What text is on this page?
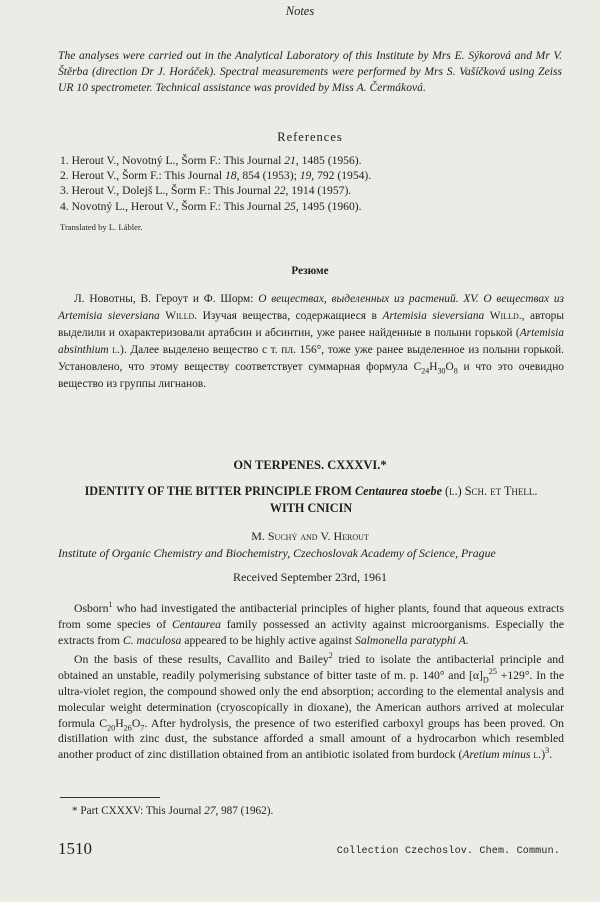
Notes
The analyses were carried out in the Analytical Laboratory of this Institute by Mrs E. Sýkorová and Mr V. Štěrba (direction Dr J. Horáček). Spectral measurements were performed by Mrs S. Vašíčková using Zeiss UR 10 spectrometer. Technical assistance was provided by Miss A. Čermáková.
References
1. Herout V., Novotný L., Šorm F.: This Journal 21, 1485 (1956).
2. Herout V., Šorm F.: This Journal 18, 854 (1953); 19, 792 (1954).
3. Herout V., Dolejš L., Šorm F.: This Journal 22, 1914 (1957).
4. Novotný L., Herout V., Šorm F.: This Journal 25, 1495 (1960).
Translated by L. Lábler.
Резюме
Л. Новотны, В. Героут и Ф. Шорм: О веществах, выделенных из растений. XV. О веществах из Artemisia sieversiana Willd. Изучая вещества, содержащиеся в Artemisia sieversiana Willd., авторы выделили и охарактеризовали артабсин и абсинтин, уже ранее найденные в полыни горькой (Artemisia absinthium l.). Далее выделено вещество с т. пл. 156°, тоже уже ранее выделенное из полыни горькой. Установлено, что этому веществу соответствует суммарная формула $C_{24}H_{30}O_8$ и что это очевидно вещество из группы лигнанов.
ON TERPENES. CXXXVI.*
IDENTITY OF THE BITTER PRINCIPLE FROM Centaurea stoebe (l.) Sch. et Thell.
WITH CNICIN
M. Suchý and V. Herout
Institute of Organic Chemistry and Biochemistry, Czechoslovak Academy of Science, Prague
Received September 23rd, 1961

Osborn$^1$ who had investigated the antibacterial principles of higher plants, found that aqueous extracts from some species of Centaurea family possessed an activity against microorganisms. Especially the extracts from C. maculosa appeared to be highly active against Salmonella paratyphi A.

On the basis of these results, Cavallito and Bailey$^2$ tried to isolate the antibacterial principle and obtained an unstable, readily polymerising substance of bitter taste of m. p. 140° and $[\alpha]_D^{25} +129^\circ$. In the ultra-violet region, the compound showed only the end absorption; according to the elemental analysis and molecular weight determination (cryoscopically in dioxane), the American authors arrived at molecular formula $C_{20}H_{26}O_7$. After hydrolysis, the presence of two esterified carboxyl groups has been proved. On distillation with zinc dust, the substance afforded a small amount of a hydrocarbon which resembled another product of zinc distillation obtained from an antibiotic isolated from burdock (Aretium minus l.)$^3$.

* Part CXXXV: This Journal 27, 987 (1962).
1510	Collection Czechoslov. Chem. Commun.
